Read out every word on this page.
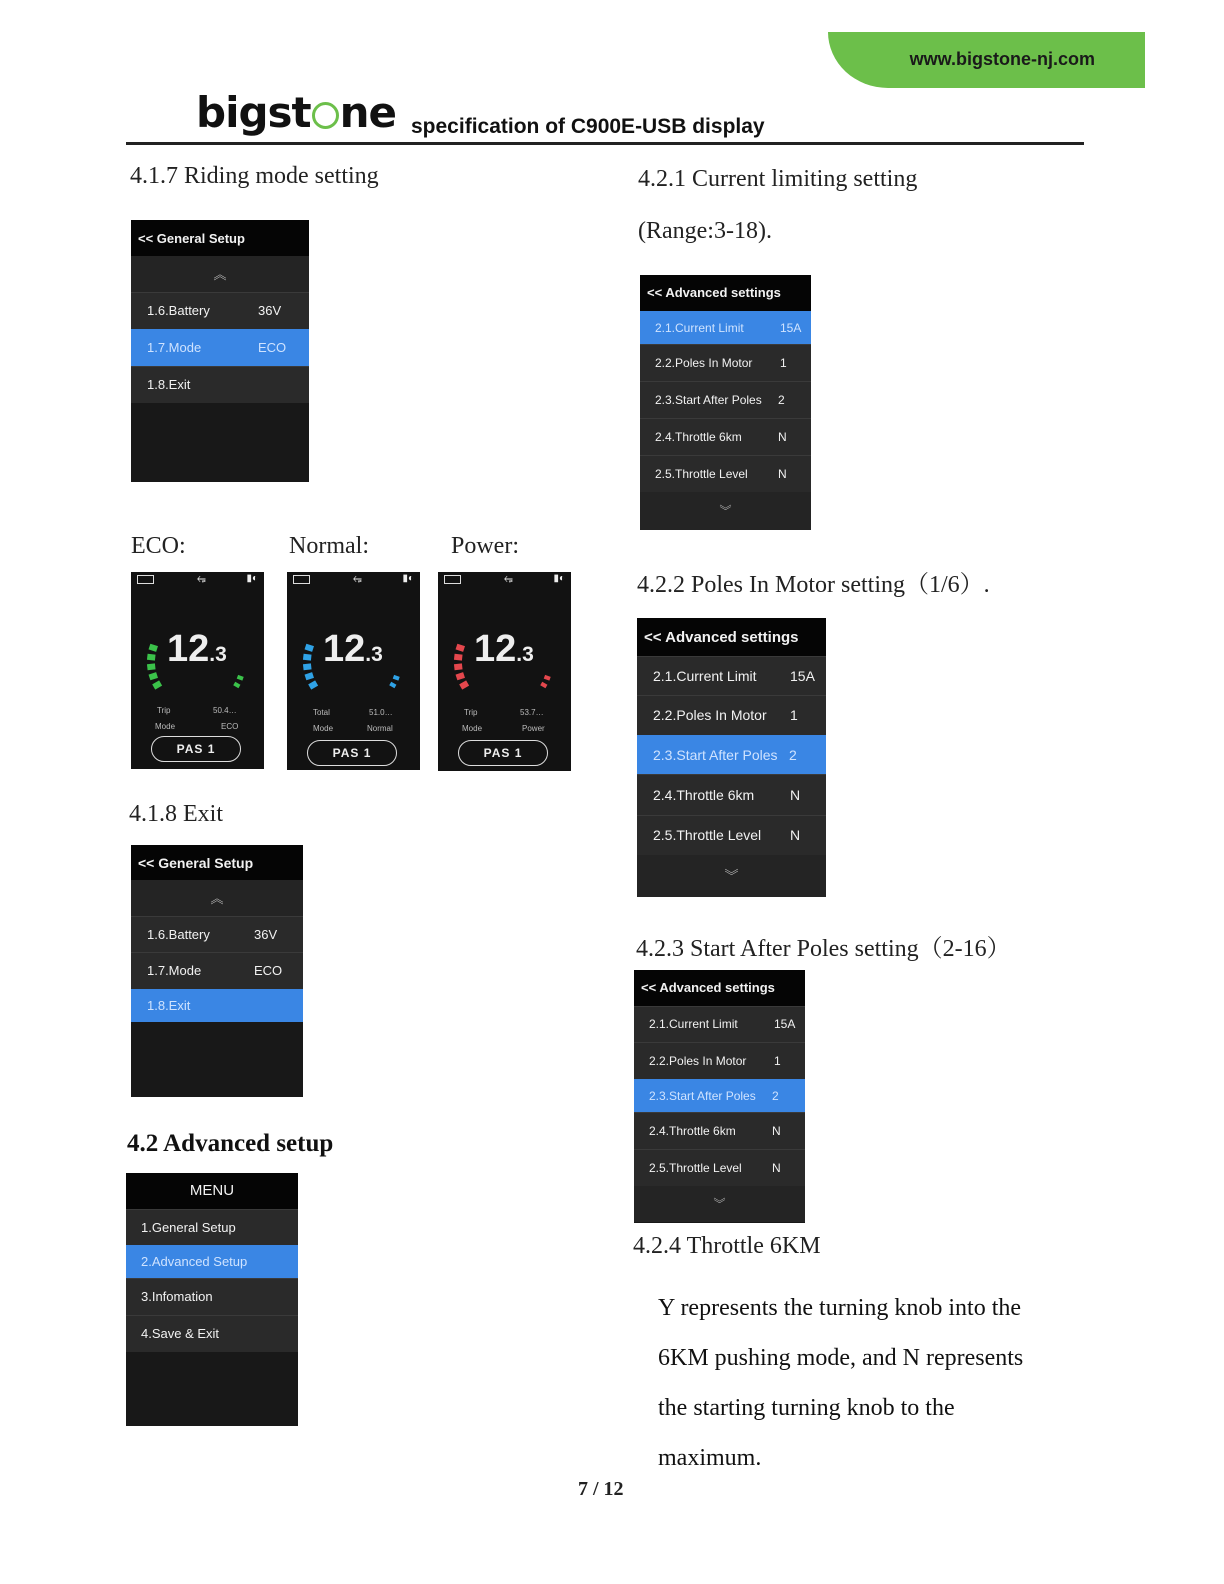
www.bigstone-nj.com
bigst ne specification of C900E-USB display
4.1.7 Riding mode setting
<< General Setup
︽
1.6.Battery	36V
1.7.Mode	ECO
1.8.Exit
ECO:	Normal:	Power:
⭂	▮◐
12.3
Trip	50.4…
Mode	ECO
PAS 1
⭂	▮◐
12.3
Total	51.0…
Mode	Normal
PAS 1
⭂	▮◐
12.3
Trip	53.7…
Mode	Power
PAS 1
4.1.8 Exit
<< General Setup
︽
1.6.Battery	36V
1.7.Mode	ECO
1.8.Exit
4.2 Advanced setup
MENU
1.General Setup
2.Advanced Setup
3.Infomation
4.Save & Exit
4.2.1 Current limiting setting
(Range:3-18).
<< Advanced settings
2.1.Current Limit	15A
2.2.Poles In Motor 1
2.3.Start After Poles 2
2.4.Throttle 6km	N
2.5.Throttle Level	N
︾
4.2.2 Poles In Motor setting（1/6）.
<< Advanced settings
2.1.Current Limit 15A
2.2.Poles In Motor 1
2.3.Start After Poles 2
2.4.Throttle 6km	N
2.5.Throttle Level N
︾
4.2.3 Start After Poles setting（2-16）
<< Advanced settings
2.1.Current Limit	15A
2.2.Poles In Motor 1
2.3.Start After Poles 2
2.4.Throttle 6km	N
2.5.Throttle Level	N
︾
4.2.4 Throttle 6KM
Y represents the turning knob into the
6KM pushing mode, and N represents
the starting turning knob to the
maximum.
7 / 12
